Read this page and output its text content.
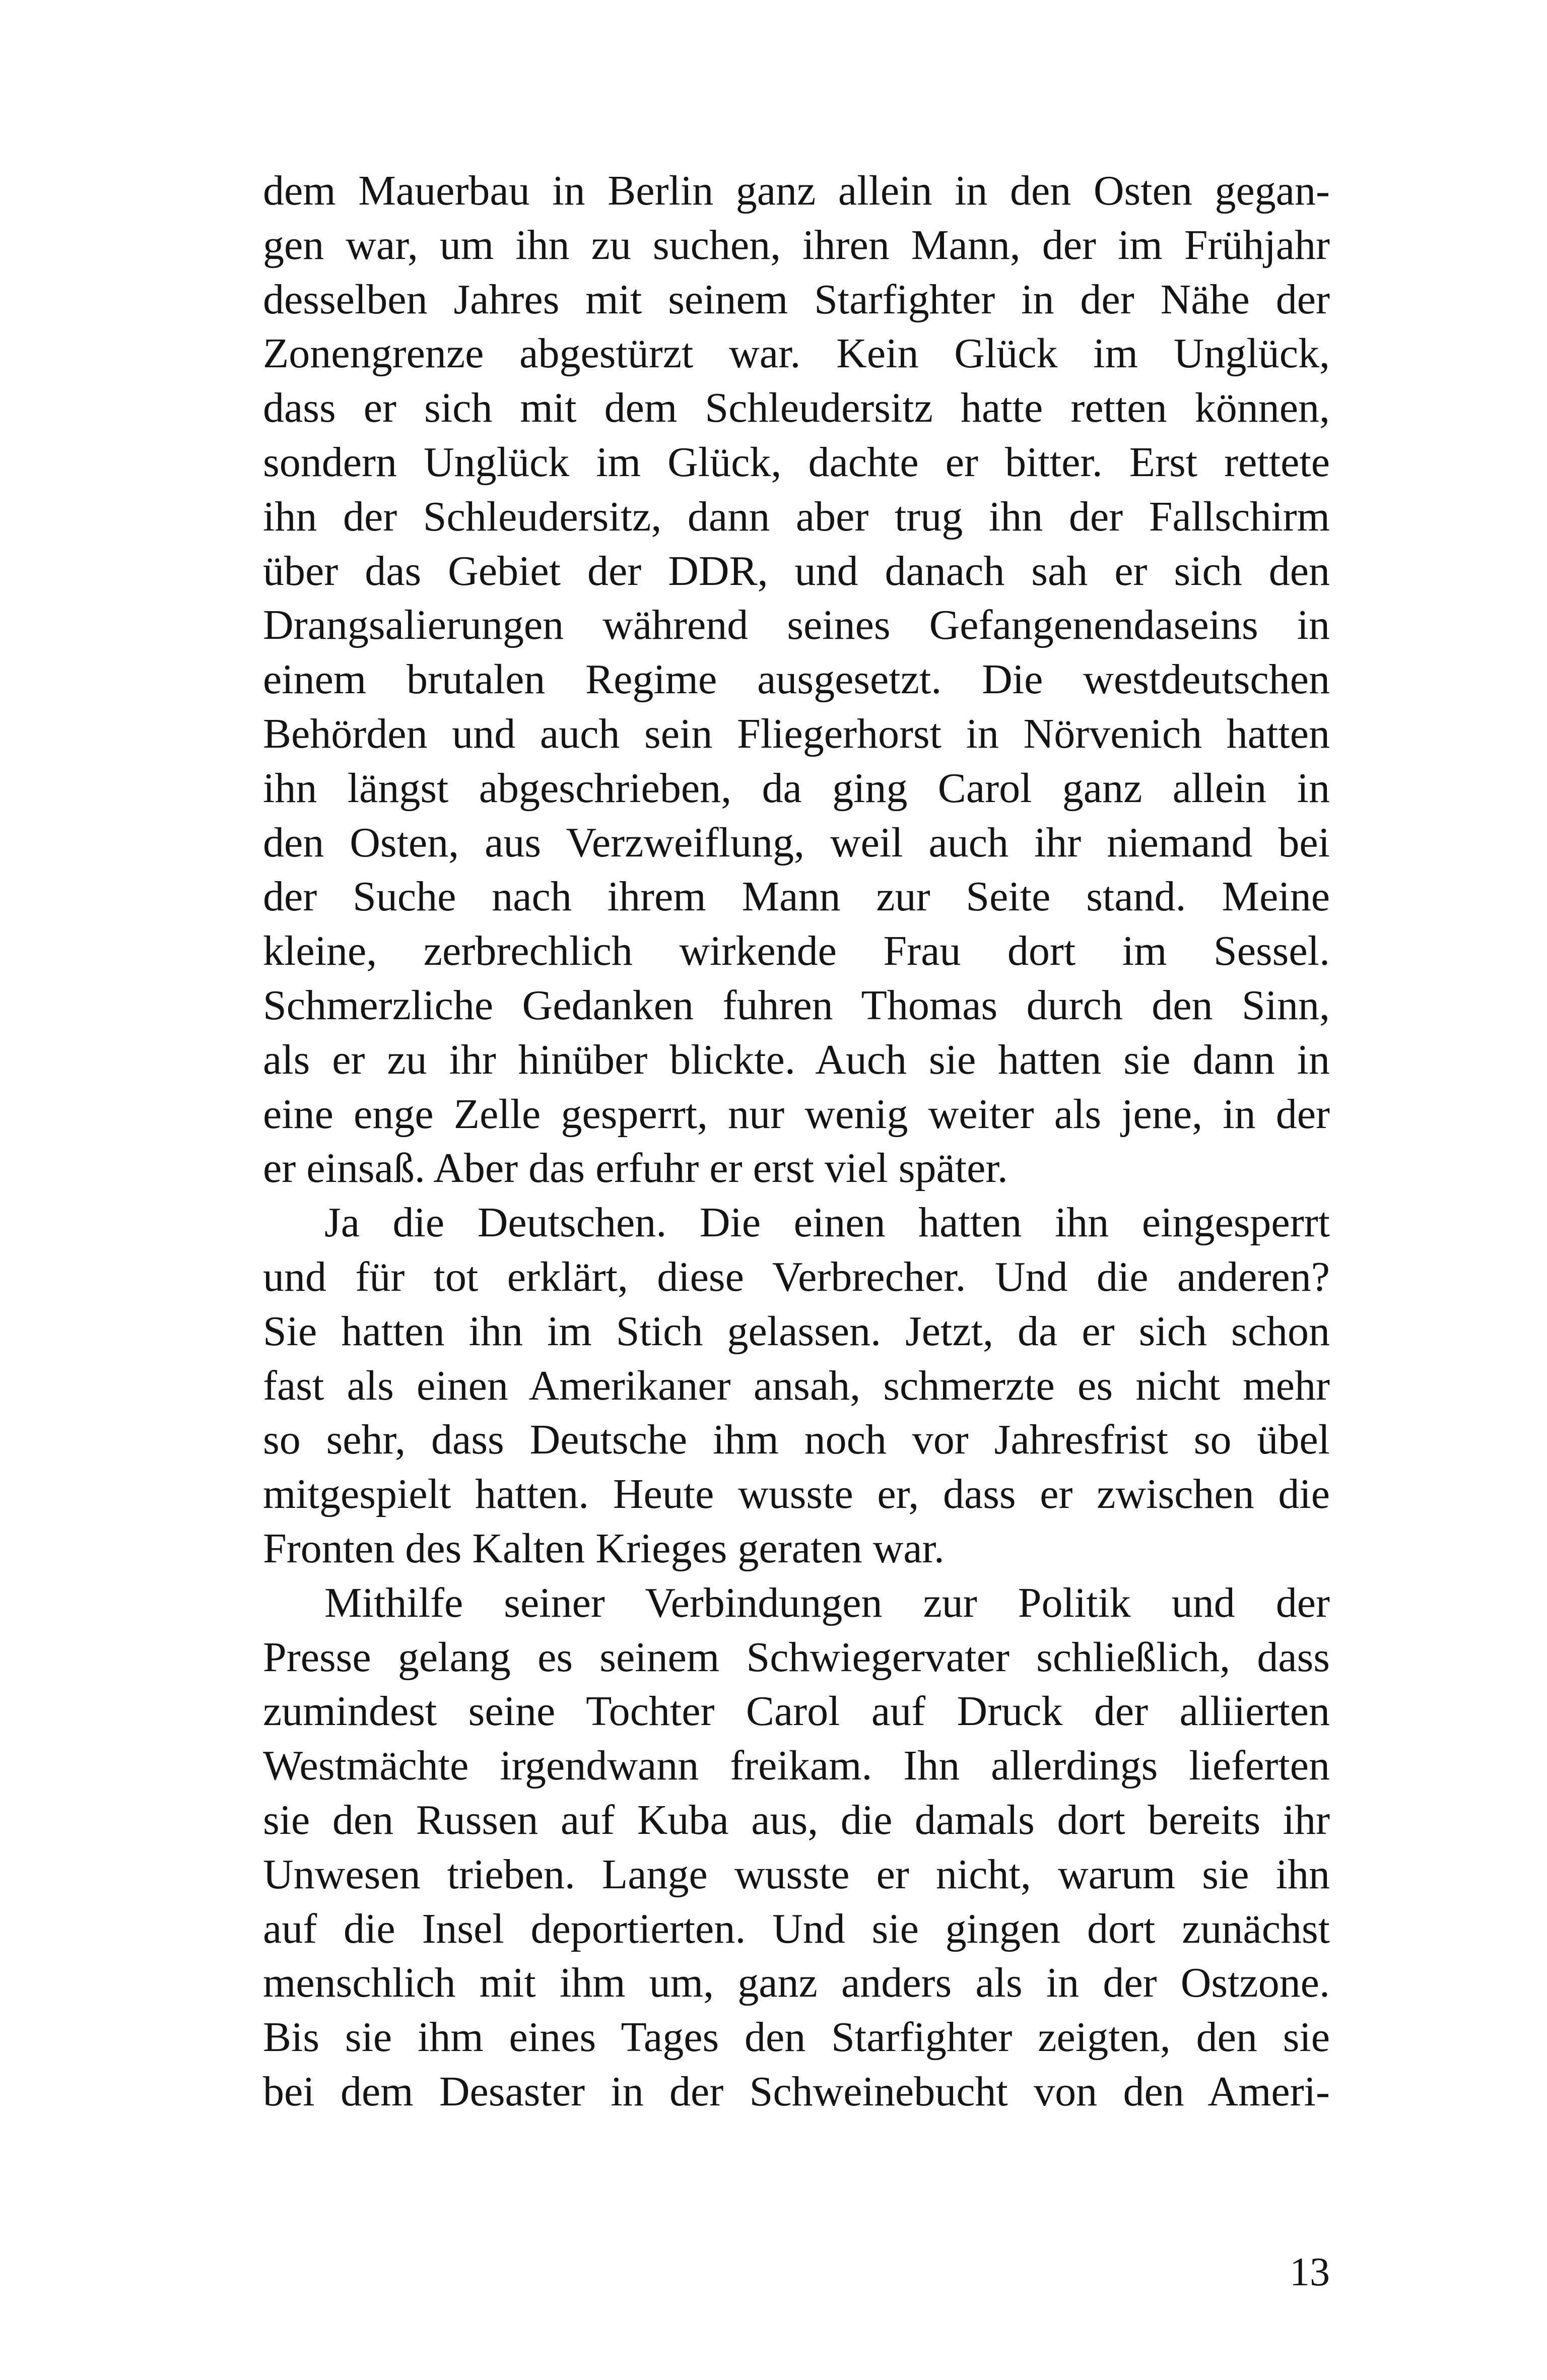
dem Mauerbau in Berlin ganz allein in den Osten gegan-
gen war, um ihn zu suchen, ihren Mann, der im Frühjahr
desselben Jahres mit seinem Starfighter in der Nähe der
Zonengrenze abgestürzt war. Kein Glück im Unglück,
dass er sich mit dem Schleudersitz hatte retten können,
sondern Unglück im Glück, dachte er bitter. Erst rettete
ihn der Schleudersitz, dann aber trug ihn der Fallschirm
über das Gebiet der DDR, und danach sah er sich den
Drangsalierungen während seines Gefangenendaseins in
einem brutalen Regime ausgesetzt. Die westdeutschen
Behörden und auch sein Fliegerhorst in Nörvenich hatten
ihn längst abgeschrieben, da ging Carol ganz allein in
den Osten, aus Verzweiflung, weil auch ihr niemand bei
der Suche nach ihrem Mann zur Seite stand. Meine
kleine, zerbrechlich wirkende Frau dort im Sessel.
Schmerzliche Gedanken fuhren Thomas durch den Sinn,
als er zu ihr hinüber blickte. Auch sie hatten sie dann in
eine enge Zelle gesperrt, nur wenig weiter als jene, in der
er einsaß. Aber das erfuhr er erst viel später.
Ja die Deutschen. Die einen hatten ihn eingesperrt
und für tot erklärt, diese Verbrecher. Und die anderen?
Sie hatten ihn im Stich gelassen. Jetzt, da er sich schon
fast als einen Amerikaner ansah, schmerzte es nicht mehr
so sehr, dass Deutsche ihm noch vor Jahresfrist so übel
mitgespielt hatten. Heute wusste er, dass er zwischen die
Fronten des Kalten Krieges geraten war.
Mithilfe seiner Verbindungen zur Politik und der
Presse gelang es seinem Schwiegervater schließlich, dass
zumindest seine Tochter Carol auf Druck der alliierten
Westmächte irgendwann freikam. Ihn allerdings lieferten
sie den Russen auf Kuba aus, die damals dort bereits ihr
Unwesen trieben. Lange wusste er nicht, warum sie ihn
auf die Insel deportierten. Und sie gingen dort zunächst
menschlich mit ihm um, ganz anders als in der Ostzone.
Bis sie ihm eines Tages den Starfighter zeigten, den sie
bei dem Desaster in der Schweinebucht von den Ameri-
13
